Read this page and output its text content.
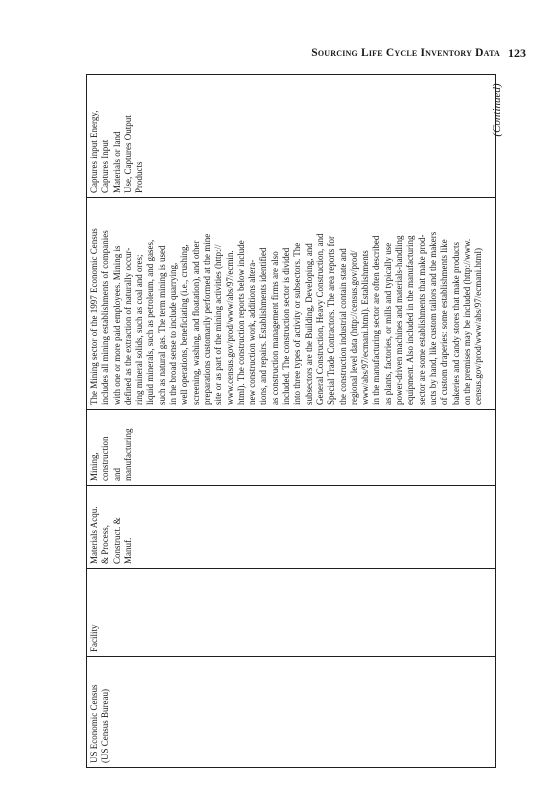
Sourcing Life Cycle Inventory Data 123
US Economic Census
(US Census Bureau)	Facility	Materials Acqu.
& Process,
Construct. &
Manuf.	Mining,
construction
and
manufacturing	The Mining sector of the 1997 Economic Census
includes all mining establishments of companies
with one or more paid employees. Mining is
defined as the extraction of naturally occur-
ring mineral solids, such as coal and ores;
liquid minerals, such as petroleum, and gases,
such as natural gas. The term mining is used
in the broad sense to include quarrying,
well operations, beneficiating (i.e., crushing,
screening, washing, and floatation), and other
preparations customarily performed at the mine
site or as part of the mining activities (http://
www.census.gov/prod/www/abs/97/ecmin.
html). The construction reports below include
new construction work, additions altera-
tions, and repairs. Establishments identified
as construction management firms are also
included. The construction sector is divided
into three types of activity or subsectors. The
subsectors are the Building, Developing, and
General Construction, Heavy Construction, and
Special Trade Contractors. The area reports for
the construction industrial contain state and
regional level data (http://census.gov/prod/
www/abs/97/ecmani.html). Establishments
in the manufacturing sector are often described
as plants, factories, or mills and typically use
power-driven machines and materials-handling
equipment. Also included in the manufacturing
sector are some establishments that make prod-
ucts by hand, like custom tailors and the makers
of custom draperies: some establishments like
bakeries and candy stores that make products
on the premises may be included (http://www.
census.gov/prod/www/abs/97/ecmani.html)	Captures input Energy,
Captures Input
Materials or land
Use, Captures Output
Products
(Continued)
